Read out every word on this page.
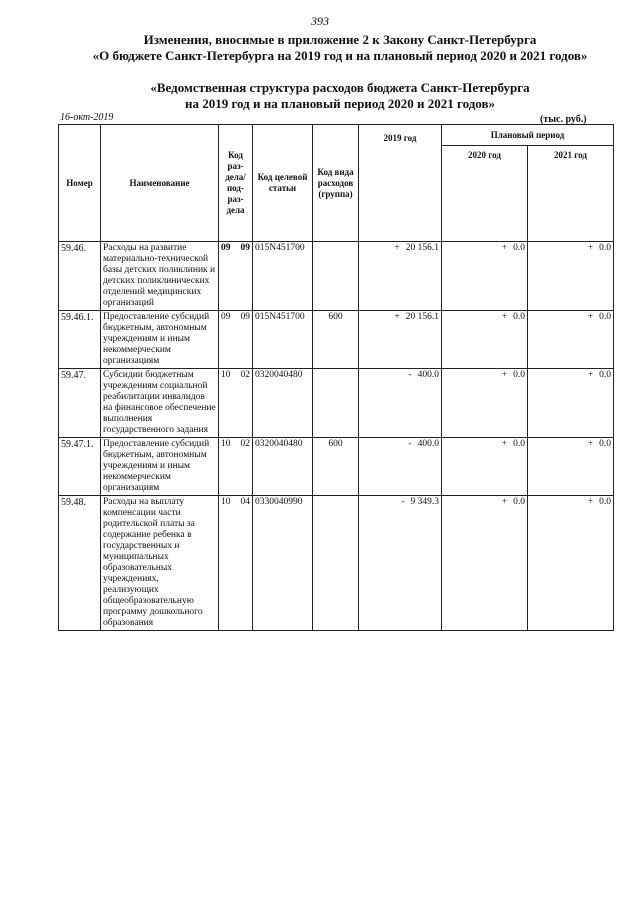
393
Изменения, вносимые в приложение 2 к Закону Санкт-Петербурга
«О бюджете Санкт-Петербурга на 2019 год и на плановый период 2020 и 2021 годов»
«Ведомственная структура расходов бюджета Санкт-Петербурга
на 2019 год и на плановый период 2020 и 2021 годов»
16-окт-2019	(тыс. руб.)
Номер	Наименование	Код раз-дела/ под-раз-дела	Код целевой статьи	Код вида расходов (группа)	2019 год	Плановый период	
						2020 год	2021 год
59.46.	Расходы на развитие материально-технической базы детских поликлиник и детских поликлинических отделений медицинских организаций	09 09	015N451700		+ 20 156.1	+ 0.0	+ 0.0
59.46.1.	Предоставление субсидий бюджетным, автономным учреждениям и иным некоммерческим организациям	09 09	015N451700	600	+ 20 156.1	+ 0.0	+ 0.0
59.47.	Субсидии бюджетным учреждениям социальной реабилитации инвалидов на финансовое обеспечение выполнения государственного задания	10 02	0320040480		- 400.0	+ 0.0	+ 0.0
59.47.1.	Предоставление субсидий бюджетным, автономным учреждениям и иным некоммерческим организациям	10 02	0320040480	600	- 400.0	+ 0.0	+ 0.0
59.48.	Расходы на выплату компенсации части родительской платы за содержание ребенка в государственных и муниципальных образовательных учреждениях, реализующих общеобразовательную программу дошкольного образования	10 04	0330040990		- 9 349.3	+ 0.0	+ 0.0
